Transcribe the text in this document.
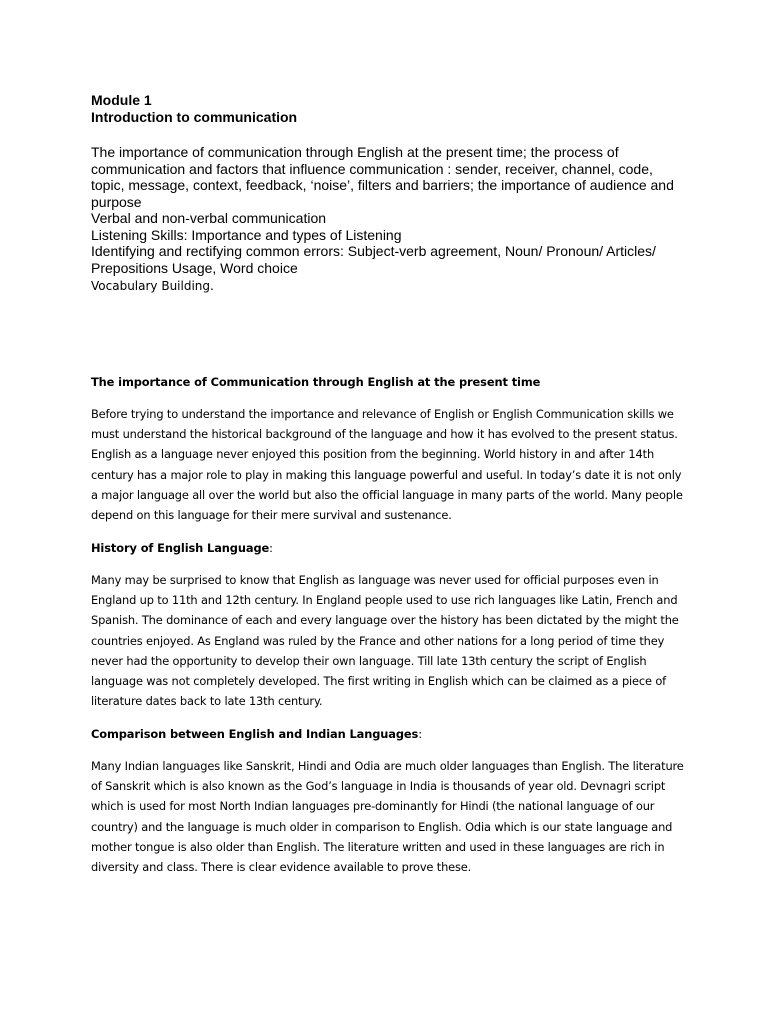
Module 1

Introduction to communication

The importance of communication through English at the present time; the process of communication and factors that influence communication : sender, receiver, channel, code, topic, message, context, feedback, ‘noise’, filters and barriers; the importance of audience and purpose

Verbal and non-verbal communication

Listening Skills: Importance and types of Listening

Identifying and rectifying common errors: Subject-verb agreement, Noun/ Pronoun/ Articles/ Prepositions Usage, Word choice

Vocabulary Building.

The importance of Communication through English at the present time

Before trying to understand the importance and relevance of English or English Communication skills we must understand the historical background of the language and how it has evolved to the present status. English as a language never enjoyed this position from the beginning. World history in and after 14th century has a major role to play in making this language powerful and useful. In today’s date it is not only a major language all over the world but also the official language in many parts of the world. Many people depend on this language for their mere survival and sustenance.

History of English Language:

Many may be surprised to know that English as language was never used for official purposes even in England up to 11th and 12th century. In England people used to use rich languages like Latin, French and Spanish. The dominance of each and every language over the history has been dictated by the might the countries enjoyed. As England was ruled by the France and other nations for a long period of time they never had the opportunity to develop their own language. Till late 13th century the script of English language was not completely developed. The first writing in English which can be claimed as a piece of literature dates back to late 13th century.

Comparison between English and Indian Languages:

Many Indian languages like Sanskrit, Hindi and Odia are much older languages than English. The literature of Sanskrit which is also known as the God’s language in India is thousands of year old. Devnagri script which is used for most North Indian languages pre-dominantly for Hindi (the national language of our country) and the language is much older in comparison to English. Odia which is our state language and mother tongue is also older than English. The literature written and used in these languages are rich in diversity and class. There is clear evidence available to prove these.
